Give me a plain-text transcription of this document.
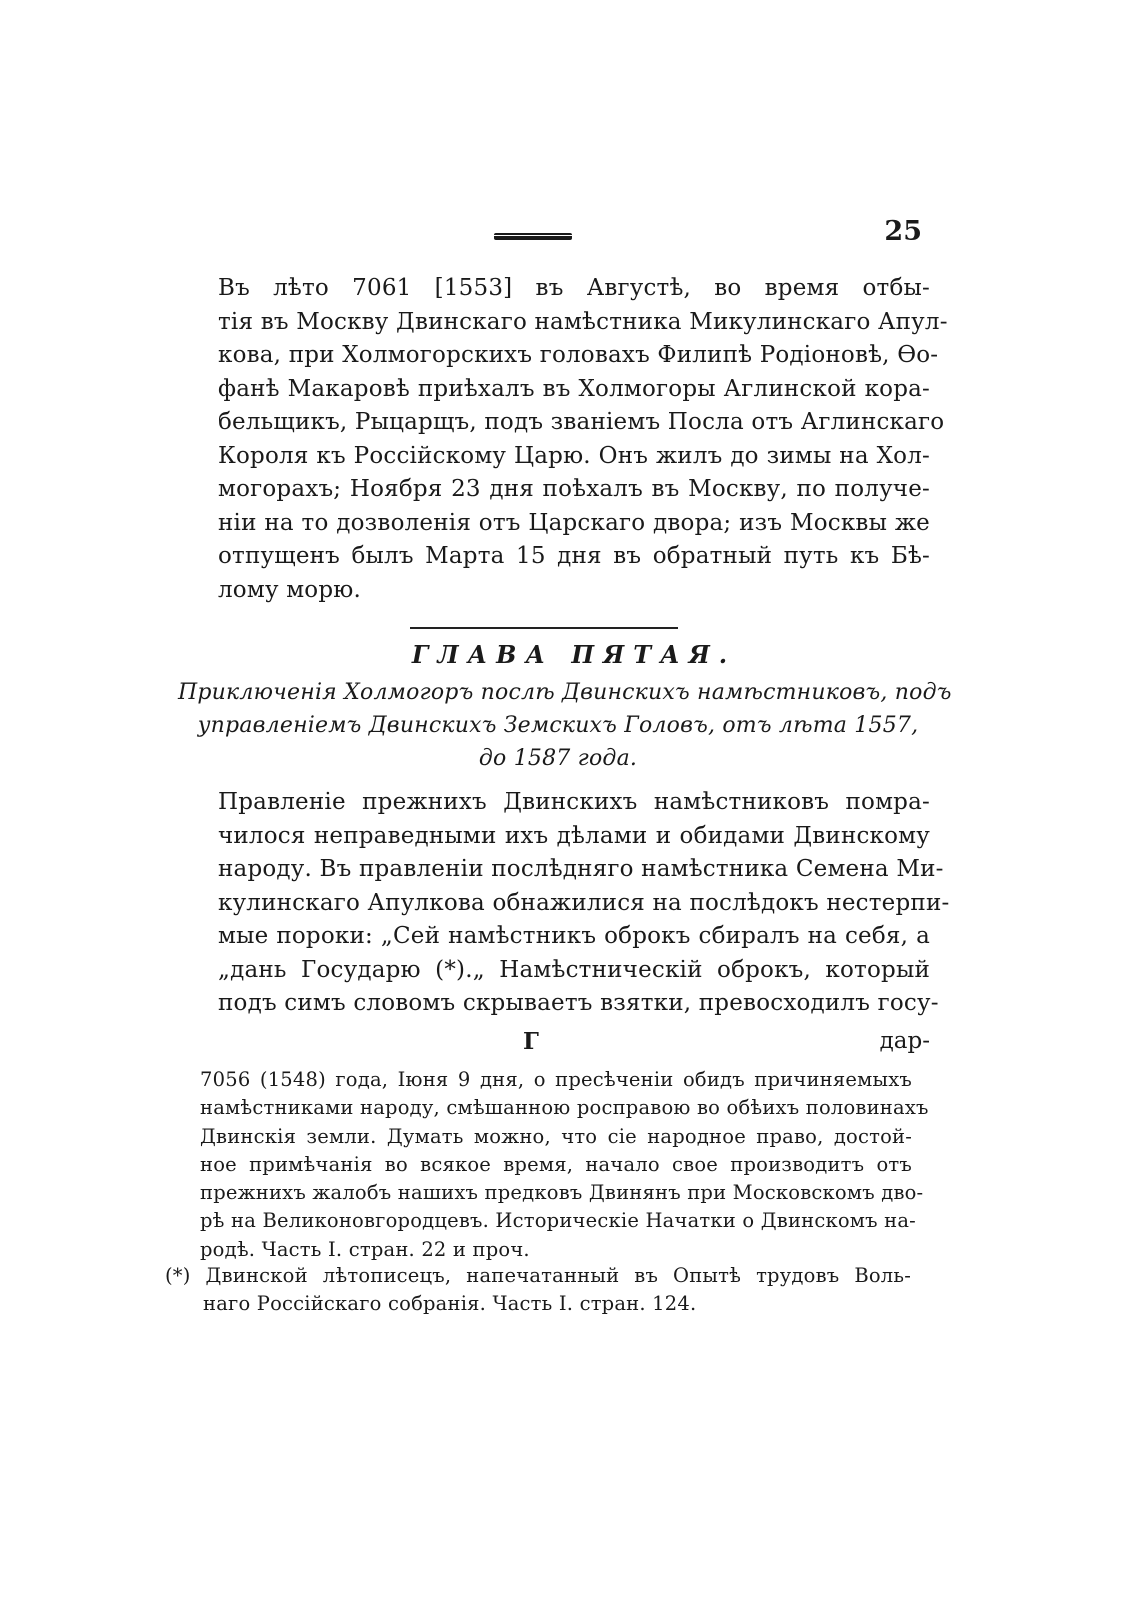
25
Въ лѣто 7061 [1553] въ Августѣ, во время отбы-
тія въ Москву Двинскаго намѣстника Микулинскаго Апул-
кова, при Холмогорскихъ головахъ Филипѣ Родіоновѣ, Ѳо-
фанѣ Макаровѣ приѣхалъ въ Холмогоры Аглинской кора-
бельщикъ, Рыцарщъ, подъ званіемъ Посла отъ Аглинскаго
Короля къ Россійскому Царю. Онъ жилъ до зимы на Хол-
могорахъ; Ноября 23 дня поѣхалъ въ Москву, по получе-
ніи на то дозволенія отъ Царскаго двора; изъ Москвы же
отпущенъ былъ Марта 15 дня въ обратный путь къ Бѣ-
лому морю.
ГЛАВА ПЯТАЯ.
Приключенія Холмогоръ послѣ Двинскихъ намѣстниковъ, подъ
управленіемъ Двинскихъ Земскихъ Головъ, отъ лѣта 1557,
до 1587 года.
Правленіе прежнихъ Двинскихъ намѣстниковъ помра-
чилося неправедными ихъ дѣлами и обидами Двинскому
народу. Въ правленіи послѣдняго намѣстника Семена Ми-
кулинскаго Апулкова обнажилися на послѣдокъ нестерпи-
мые пороки: „Сей намѣстникъ оброкъ сбиралъ на себя, а
„дань Государю (*).„ Намѣстническій оброкъ, который
подъ симъ словомъ скрываетъ взятки, превосходилъ госу-
Г	дар-
7056 (1548) года, Іюня 9 дня, о пресѣченіи обидъ причиняемыхъ
намѣстниками народу, смѣшанною росправою во обѣихъ половинахъ
Двинскія земли. Думать можно, что сіе народное право, достой-
ное примѣчанія во всякое время, начало свое производитъ отъ
прежнихъ жалобъ нашихъ предковъ Двинянъ при Московскомъ дво-
рѣ на Великоновгородцевъ. Историческіе Начатки о Двинскомъ на-
родѣ. Часть I. стран. 22 и проч.
(*) Двинской лѣтописецъ, напечатанный въ Опытѣ трудовъ Воль-
наго Россійскаго собранія. Часть I. стран. 124.
